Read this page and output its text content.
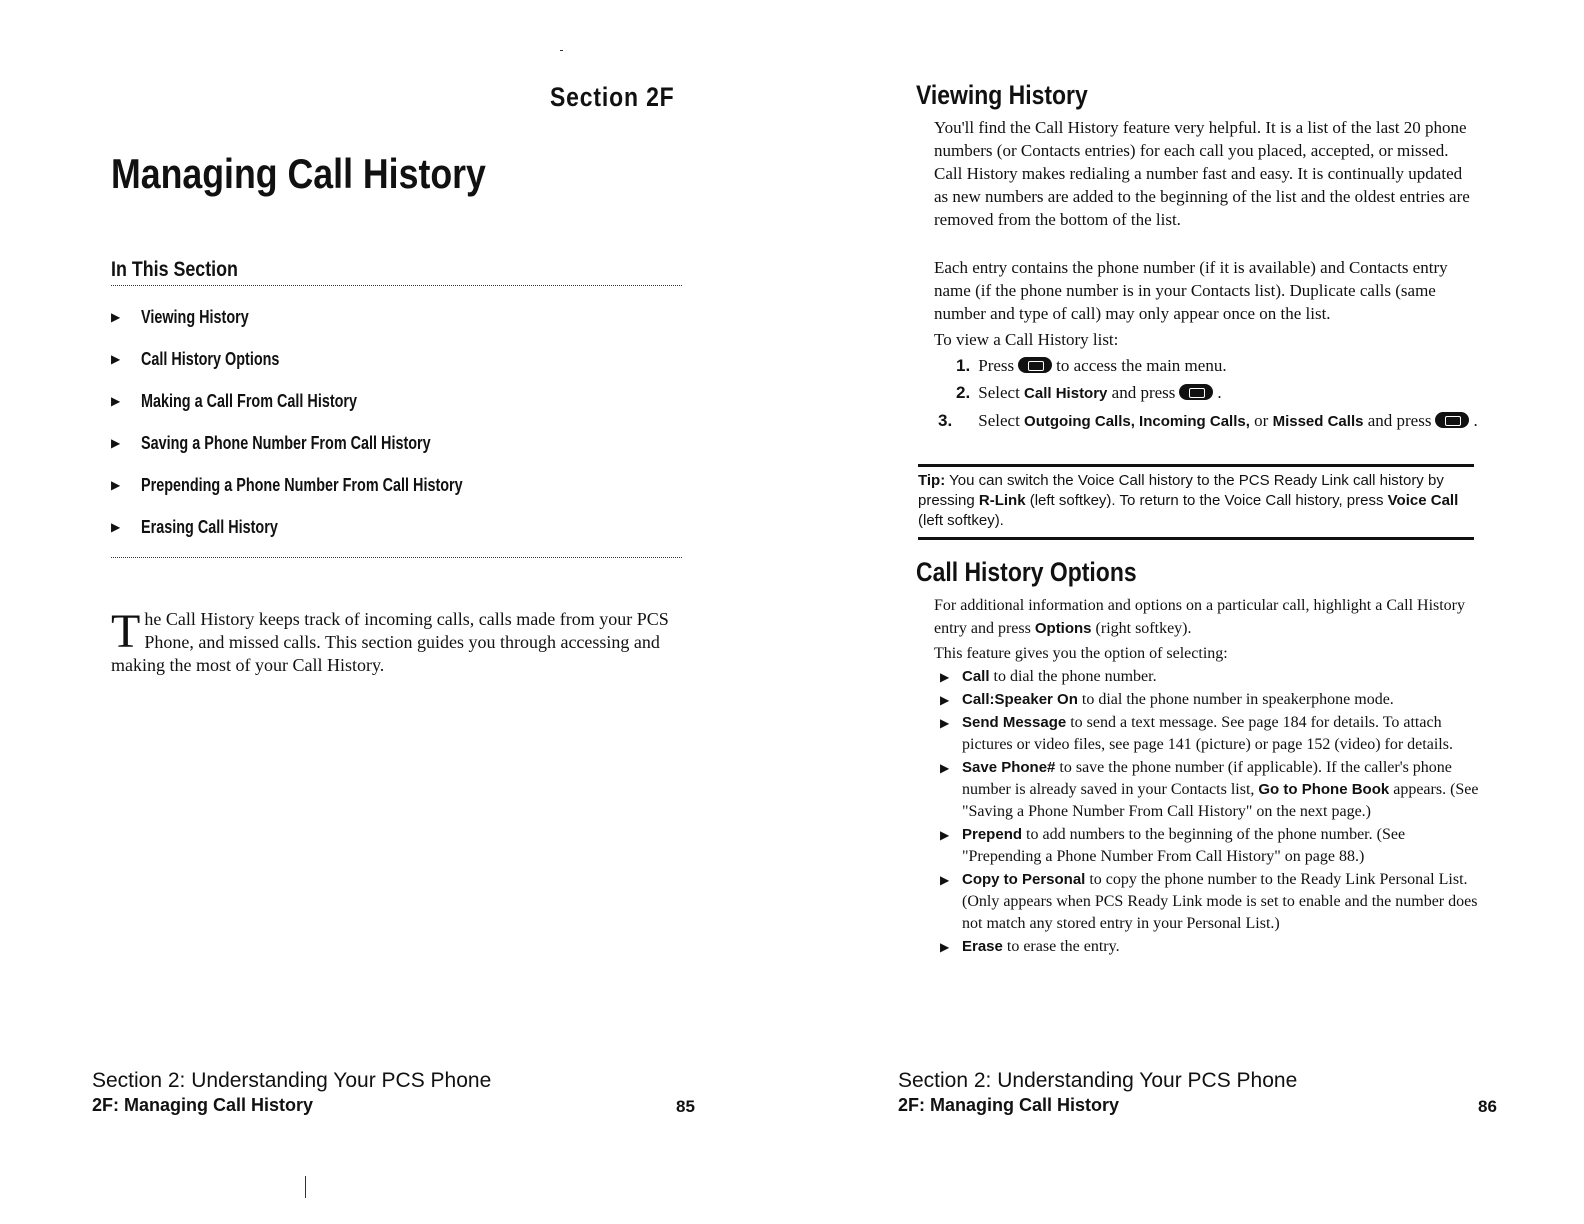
Section 2F
Managing Call History
In This Section
▶	Viewing History
▶	Call History Options
▶	Making a Call From Call History
▶	Saving a Phone Number From Call History
▶	Prepending a Phone Number From Call History
▶	Erasing Call History
The Call History keeps track of incoming calls, calls made from your PCS Phone, and missed calls. This section guides you through accessing and making the most of your Call History.
Section 2: Understanding Your PCS Phone
2F: Managing Call History	85
Viewing History
You'll find the Call History feature very helpful. It is a list of the last 20 phone numbers (or Contacts entries) for each call you placed, accepted, or missed. Call History makes redialing a number fast and easy. It is continually updated as new numbers are added to the beginning of the list and the oldest entries are removed from the bottom of the list.
Each entry contains the phone number (if it is available) and Contacts entry name (if the phone number is in your Contacts list). Duplicate calls (same number and type of call) may only appear once on the list.
To view a Call History list:
1. Press to access the main menu.
2. Select Call History and press .
3. Select Outgoing Calls, Incoming Calls, or Missed Calls and press .
Tip: You can switch the Voice Call history to the PCS Ready Link call history by pressing R-Link (left softkey). To return to the Voice Call history, press Voice Call (left softkey).
Call History Options
For additional information and options on a particular call, highlight a Call History entry and press Options (right softkey).
This feature gives you the option of selecting:
▶ Call to dial the phone number.
▶ Call:Speaker On to dial the phone number in speakerphone mode.
▶ Send Message to send a text message. See page 184 for details. To attach pictures or video files, see page 141 (picture) or page 152 (video) for details.
▶ Save Phone# to save the phone number (if applicable). If the caller's phone number is already saved in your Contacts list, Go to Phone Book appears. (See "Saving a Phone Number From Call History" on the next page.)
▶ Prepend to add numbers to the beginning of the phone number. (See "Prepending a Phone Number From Call History" on page 88.)
▶ Copy to Personal to copy the phone number to the Ready Link Personal List. (Only appears when PCS Ready Link mode is set to enable and the number does not match any stored entry in your Personal List.)
▶ Erase to erase the entry.
Section 2: Understanding Your PCS Phone
2F: Managing Call History	86
